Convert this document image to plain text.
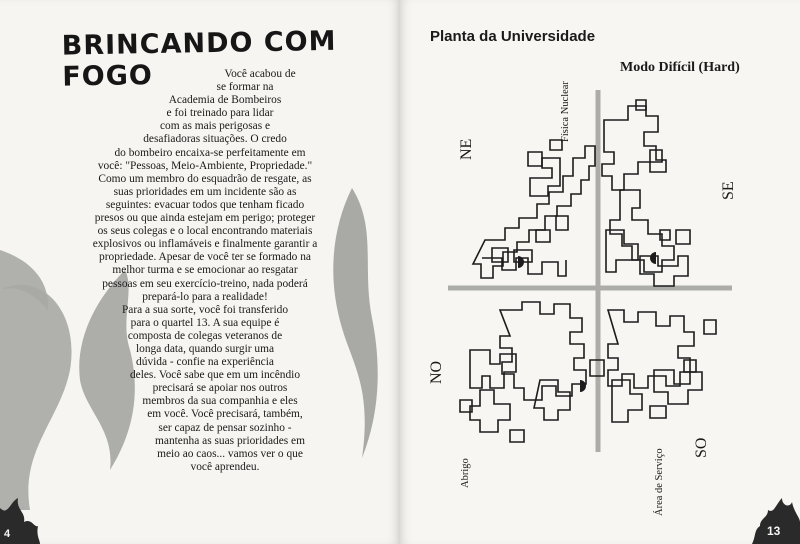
BRINCANDO COM FOGO	Você acabou de
se formar na
Academia de Bombeiros
e foi treinado para lidar
com as mais perigosas e
desafiadoras situações. O credo
do bombeiro encaixa-se perfeitamente em
você: "Pessoas, Meio-Ambiente, Propriedade."
Como um membro do esquadrão de resgate, as
suas prioridades em um incidente são as
seguintes: evacuar todos que tenham ficado
presos ou que ainda estejam em perigo; proteger
os seus colegas e o local encontrando materiais
explosivos ou inflamáveis e finalmente garantir a
propriedade. Apesar de você ter se formado na
melhor turma e se emocionar ao resgatar
pessoas em seu exercício-treino, nada poderá
prepará-lo para a realidade!
Para a sua sorte, você foi transferido
para o quartel 13. A sua equipe é
composta de colegas veteranos de
longa data, quando surgir uma
dúvida - confie na experiência
deles. Você sabe que em um incêndio
precisará se apoiar nos outros
membros da sua companhia e eles
em você. Você precisará, também,
ser capaz de pensar sozinho -
mantenha as suas prioridades em
meio ao caos... vamos ver o que
você aprendeu.
4
Planta da Universidade
Modo Difícil (Hard)
NE
SE
NO
SO
Física Nuclear
Abrigo	Área de Serviço
13
